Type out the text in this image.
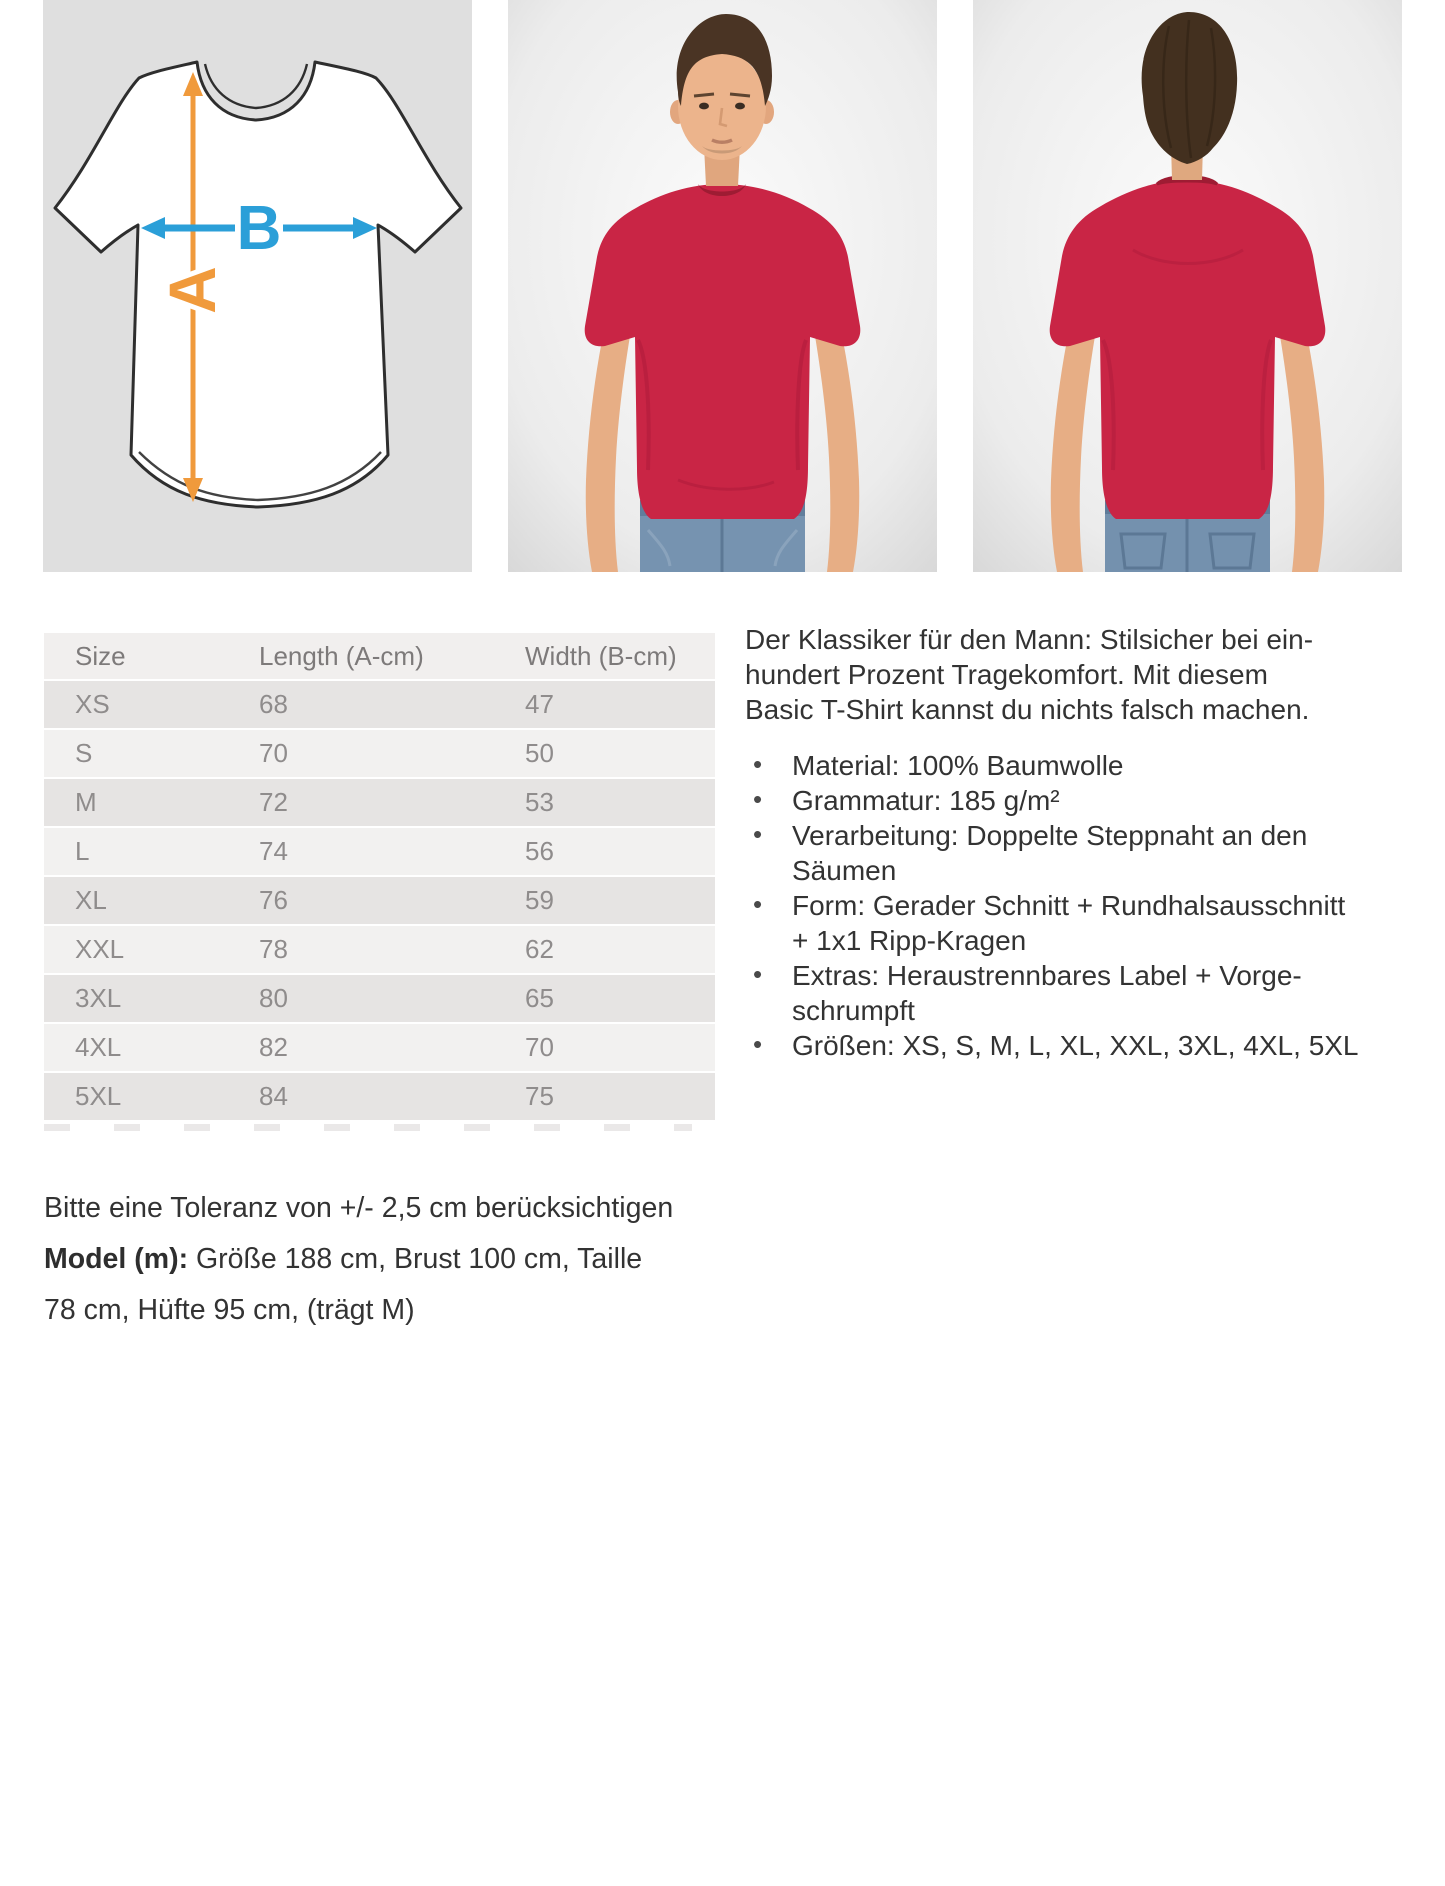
A
B
Size	Length (A-cm)	Width (B-cm)
XS	68	47
S	70	50
M	72	53
L	74	56
XL	76	59
XXL	78	62
3XL	80	65
4XL	82	70
5XL	84	75

Der Klassiker für den Mann: Stilsicher bei ein-
hundert Prozent Tragekomfort. Mit diesem
Basic T-Shirt kannst du nichts falsch machen.

• Material: 100% Baumwolle
• Grammatur: 185 g/m²
• Verarbeitung: Doppelte Steppnaht an den
Säumen
• Form: Gerader Schnitt + Rundhalsausschnitt
+ 1x1 Ripp-Kragen
• Extras: Heraustrennbares Label + Vorge-
schrumpft
• Größen: XS, S, M, L, XL, XXL, 3XL, 4XL, 5XL
Bitte eine Toleranz von +/- 2,5 cm berücksichtigen
Model (m): Größe 188 cm, Brust 100 cm, Taille
78 cm, Hüfte 95 cm, (trägt M)
